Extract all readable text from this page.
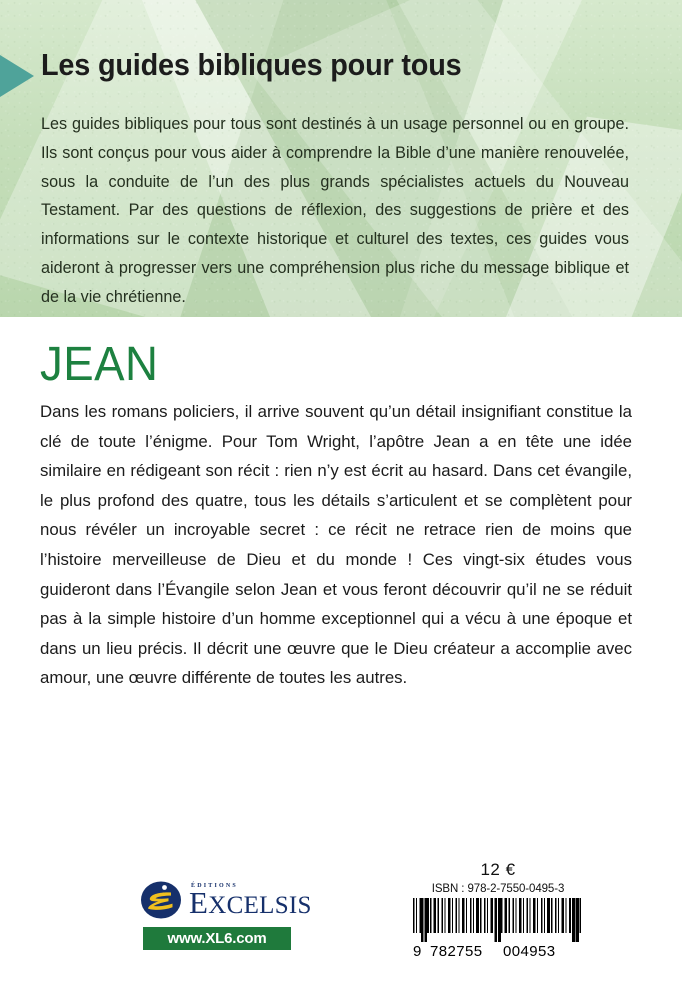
Les guides bibliques pour tous

Les guides bibliques pour tous sont destinés à un usage personnel ou en groupe. Ils sont conçus pour vous aider à comprendre la Bible d’une manière renouvelée, sous la conduite de l’un des plus grands spécialistes actuels du Nouveau Testament. Par des questions de réflexion, des suggestions de prière et des informations sur le contexte historique et culturel des textes, ces guides vous aideront à progresser vers une compréhension plus riche du message biblique et de la vie chrétienne.

JEAN

Dans les romans policiers, il arrive souvent qu’un détail insignifiant constitue la clé de toute l’énigme. Pour Tom Wright, l’apôtre Jean a en tête une idée similaire en rédigeant son récit : rien n’y est écrit au hasard. Dans cet évangile, le plus profond des quatre, tous les détails s’articulent et se complètent pour nous révéler un incroyable secret : ce récit ne retrace rien de moins que l’histoire merveilleuse de Dieu et du monde ! Ces vingt-six études vous guideront dans l’Évangile selon Jean et vous feront découvrir qu’il ne se réduit pas à la simple histoire d’un homme exceptionnel qui a vécu à une époque et dans un lieu précis. Il décrit une œuvre que le Dieu créateur a accomplie avec amour, une œuvre différente de toutes les autres.

ÉDITIONS
EXCELSIS
www.XL6.com
12 €
ISBN : 978-2-7550-0495-3
9 782755 004953
